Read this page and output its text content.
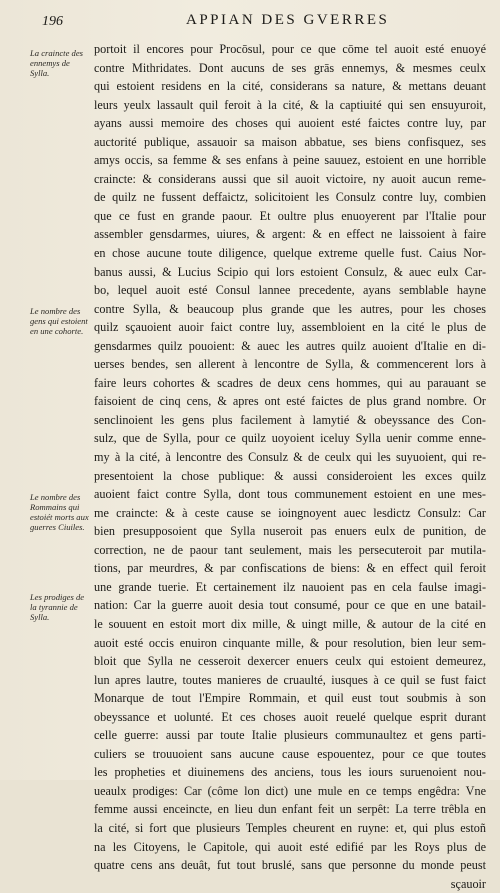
196	APPIAN DES GVERRES
La craincte des ennemys de Sylla.
Le nombre des gens qui estoient en une cohorte.
Le nombre des Rommains qui estoiét morts aux guerres Ciuiles.
Les prodiges de la tyrannie de Sylla.
portoit il encores pour Procōsul, pour ce que cōme tel auoit esté enuoyé
contre Mithridates. Dont aucuns de ses grās ennemys, & mesmes ceulx
qui estoient residens en la cité, considerans sa nature, & mettans deuant
leurs yeulx lassault quil feroit à la cité, & la captiuité qui sen ensuyuroit,
ayans aussi memoire des choses qui auoient esté faictes contre luy, par
auctorité publique, assauoir sa maison abbatue, ses biens confisquez, ses
amys occis, sa femme & ses enfans à peine sauuez, estoient en une horrible
craincte: & considerans aussi que sil auoit victoire, ny auoit aucun reme-
de quilz ne fussent deffaictz, solicitoient les Consulz contre luy, combien
que ce fust en grande paour. Et oultre plus enuoyerent par l'Italie pour
assembler gensdarmes, uiures, & argent: & en effect ne laissoient à faire
en chose aucune toute diligence, quelque extreme quelle fust. Caius Nor-
banus aussi, & Lucius Scipio qui lors estoient Consulz, & auec eulx Car-
bo, lequel auoit esté Consul lannee precedente, ayans semblable hayne
contre Sylla, & beaucoup plus grande que les autres, pour les choses
quilz sçauoient auoir faict contre luy, assembloient en la cité le plus de
gensdarmes quilz pouoient: & auec les autres quilz auoient d'Italie en di-
uerses bendes, sen allerent à lencontre de Sylla, & commencerent lors à
faire leurs cohortes & scadres de deux cens hommes, qui au parauant se
faisoient de cinq cens, & apres ont esté faictes de plus grand nombre. Or
senclinoient les gens plus facilement à lamytié & obeyssance des Con-
sulz, que de Sylla, pour ce quilz uoyoient iceluy Sylla uenir comme enne-
my à la cité, à lencontre des Consulz & de ceulx qui les suyuoient, qui re-
presentoient la chose publique: & aussi consideroient les exces quilz
auoient faict contre Sylla, dont tous communement estoient en une mes-
me craincte: & à ceste cause se ioingnoyent auec lesdictz Consulz: Car
bien presupposoient que Sylla nuseroit pas enuers eulx de punition, de
correction, ne de paour tant seulement, mais les persecuteroit par mutila-
tions, par meurdres, & par confiscations de biens: & en effect quil feroit
une grande tuerie. Et certainement ilz nauoient pas en cela faulse imagi-
nation: Car la guerre auoit desia tout consumé, pour ce que en une batail-
le souuent en estoit mort dix mille, & uingt mille, & autour de la cité en
auoit esté occis enuiron cinquante mille, & pour resolution, bien leur sem-
bloit que Sylla ne cesseroit dexercer enuers ceulx qui estoient demeurez,
lun apres lautre, toutes manieres de cruaulté, iusques à ce quil se fust faict
Monarque de tout l'Empire Rommain, et quil eust tout soubmis à son
obeyssance et uolunté. Et ces choses auoit reuelé quelque esprit durant
celle guerre: aussi par toute Italie plusieurs communaultez et gens parti-
culiers se trouuoient sans aucune cause espouentez, pour ce que toutes
les propheties et diuinemens des anciens, tous les iours suruenoient nou-
ueaulx prodiges: Car (côme lon dict) une mule en ce temps engêdra: Vne
femme aussi enceincte, en lieu dun enfant feit un serpêt: La terre trêbla en
la cité, si fort que plusieurs Temples cheurent en ruyne: et, qui plus estoñ
na les Citoyens, le Capitole, qui auoit esté edifié par les Roys plus de
quatre cens ans deuât, fut tout bruslé, sans que personne du monde peust
sçauoir
